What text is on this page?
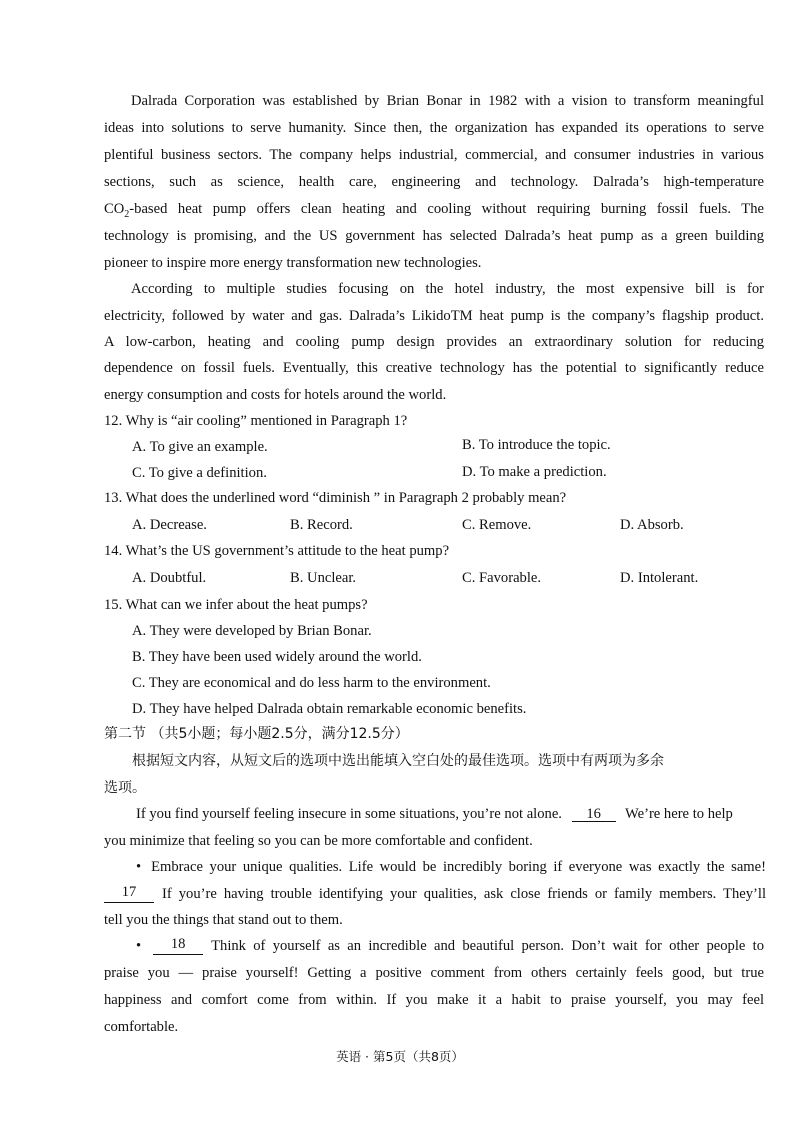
Dalrada Corporation was established by Brian Bonar in 1982 with a vision to transform meaningful
ideas into solutions to serve humanity. Since then, the organization has expanded its operations to serve
plentiful business sectors. The company helps industrial, commercial, and consumer industries in various
sections, such as science, health care, engineering and technology. Dalrada’s high-temperature
$CO_2$ -based heat pump offers clean heating and cooling without requiring burning fossil fuels. The
technology is promising, and the US government has selected Dalrada’s heat pump as a green building
pioneer to inspire more energy transformation new technologies.
According to multiple studies focusing on the hotel industry, the most expensive bill is for
electricity, followed by water and gas. Dalrada’s LikidoTM heat pump is the company’s flagship product.
A low-carbon, heating and cooling pump design provides an extraordinary solution for reducing
dependence on fossil fuels. Eventually, this creative technology has the potential to significantly reduce
energy consumption and costs for hotels around the world.
12. Why is “air cooling” mentioned in Paragraph 1?
A. To give an example.	B. To introduce the topic.
C. To give a definition.	D. To make a prediction.
13. What does the underlined word “diminish ” in Paragraph 2 probably mean?
A. Decrease.	B. Record.	C. Remove.	D. Absorb.
14. What’s the US government’s attitude to the heat pump?
A. Doubtful.	B. Unclear.	C. Favorable.	D. Intolerant.
15. What can we infer about the heat pumps?
A. They were developed by Brian Bonar.
B. They have been used widely around the world.
C. They are economical and do less harm to the environment.
D. They have helped Dalrada obtain remarkable economic benefits.
第二节 （共5小题；每小题2.5分，满分12.5分）
根据短文内容，从短文后的选项中选出能填入空白处的最佳选项。选项中有两项为多余
选项。
If you find yourself feeling insecure in some situations, you’re not alone. 16 We’re here to help
you minimize that feeling so you can be more comfortable and confident.
• Embrace your unique qualities. Life would be incredibly boring if everyone was exactly the same!
17	If you’re having trouble identifying your qualities, ask close friends or family members. They’ll
tell you the things that stand out to them.
•	18	Think of yourself as an incredible and beautiful person. Don’t wait for other people to
praise you — praise yourself! Getting a positive comment from others certainly feels good, but true
happiness and comfort come from within. If you make it a habit to praise yourself, you may feel
comfortable.
英语 · 第5页（共8页）
